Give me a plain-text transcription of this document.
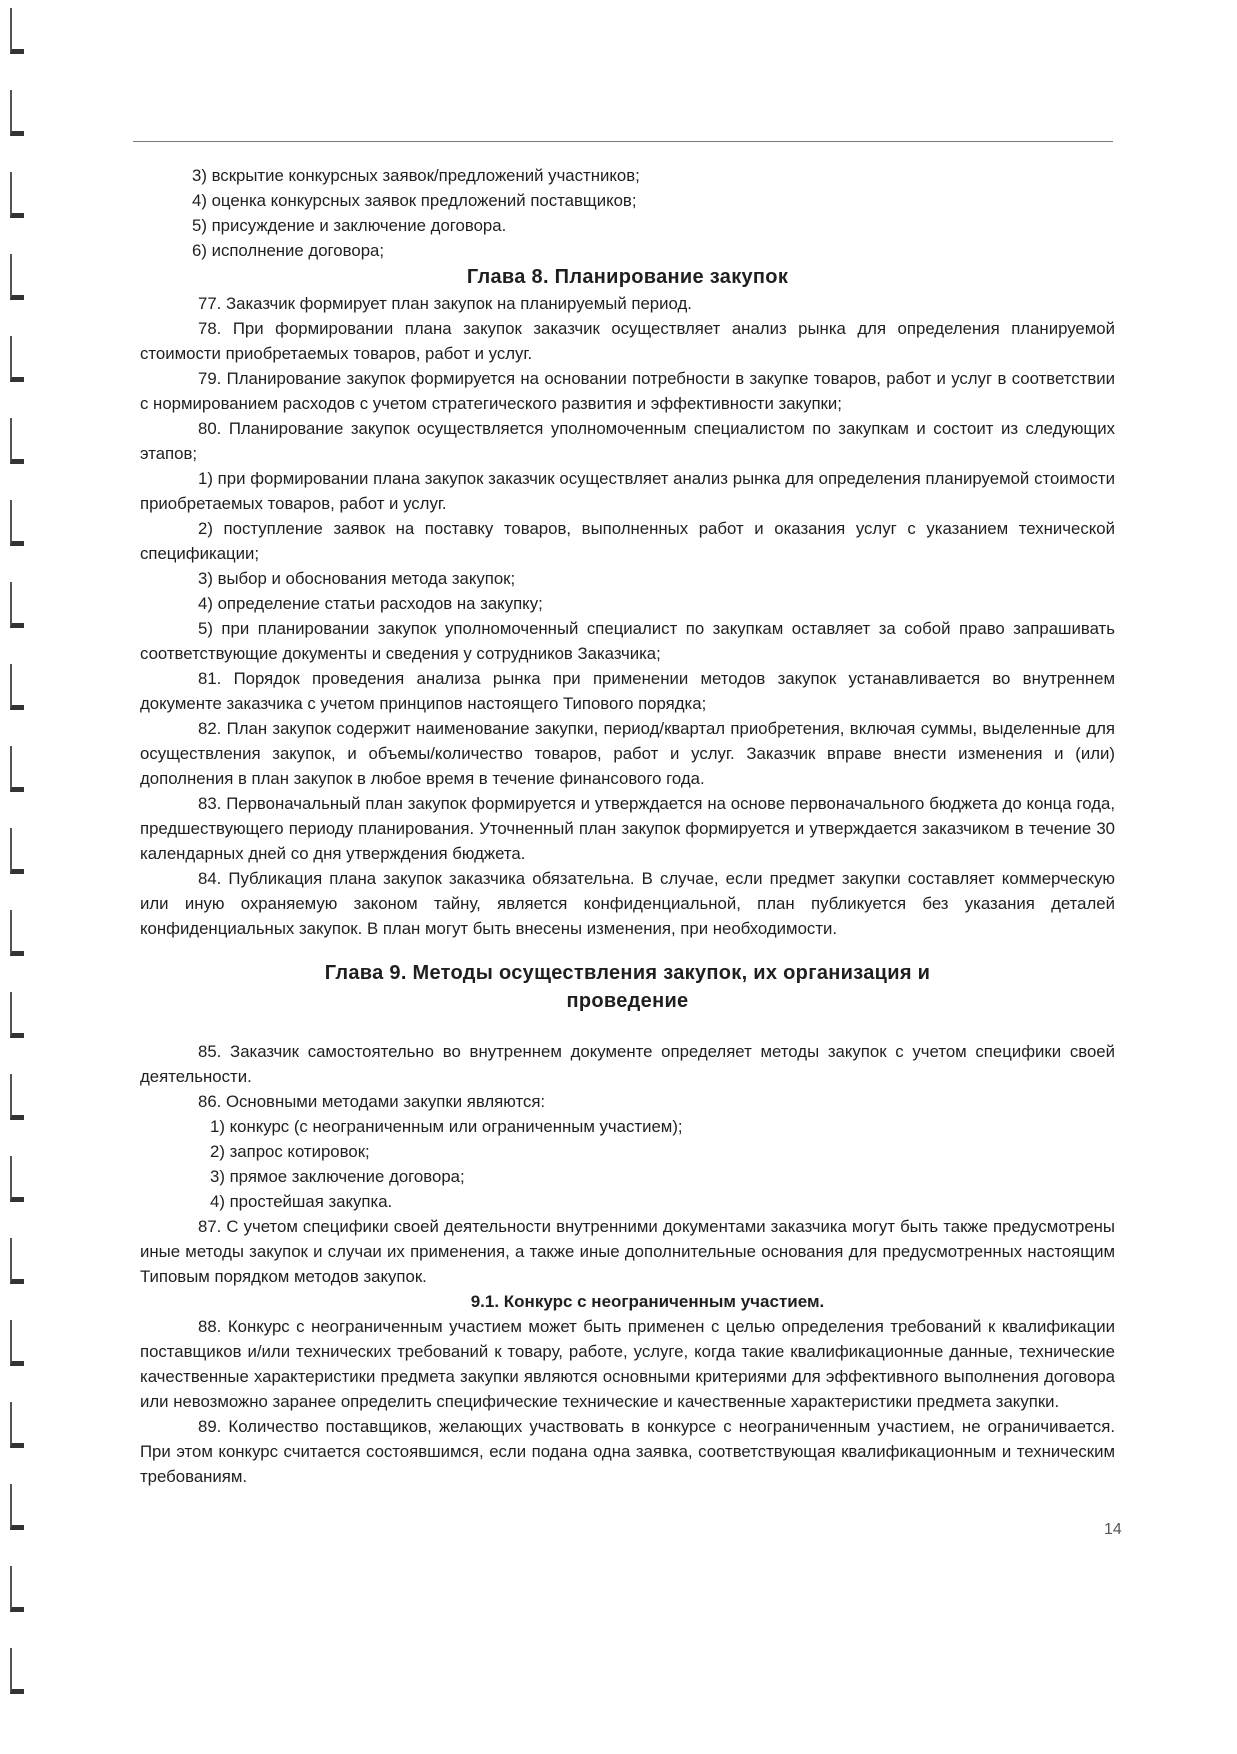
3) вскрытие конкурсных заявок/предложений участников;

4) оценка конкурсных заявок предложений поставщиков;

5) присуждение и заключение договора.

6) исполнение договора;

Глава 8. Планирование закупок

77. Заказчик формирует план закупок на планируемый период.

78. При формировании плана закупок заказчик осуществляет анализ рынка для определения планируемой стоимости приобретаемых товаров, работ и услуг.

79. Планирование закупок формируется на основании потребности в закупке товаров, работ и услуг в соответствии с нормированием расходов с учетом стратегического развития и эффективности закупки;

80. Планирование закупок осуществляется уполномоченным специалистом по закупкам и состоит из следующих этапов;

1) при формировании плана закупок заказчик осуществляет анализ рынка для определения планируемой стоимости приобретаемых товаров, работ и услуг.

2) поступление заявок на поставку товаров, выполненных работ и оказания услуг с указанием технической спецификации;

3) выбор и обоснования метода закупок;

4) определение статьи расходов на закупку;

5) при планировании закупок уполномоченный специалист по закупкам оставляет за собой право запрашивать соответствующие документы и сведения у сотрудников Заказчика;

81. Порядок проведения анализа рынка при применении методов закупок устанавливается во внутреннем документе заказчика с учетом принципов настоящего Типового порядка;

82. План закупок содержит наименование закупки, период/квартал приобретения, включая суммы, выделенные для осуществления закупок, и объемы/количество товаров, работ и услуг. Заказчик вправе внести изменения и (или) дополнения в план закупок в любое время в течение финансового года.

83. Первоначальный план закупок формируется и утверждается на основе первоначального бюджета до конца года, предшествующего периоду планирования. Уточненный план закупок формируется и утверждается заказчиком в течение 30 календарных дней со дня утверждения бюджета.

84. Публикация плана закупок заказчика обязательна. В случае, если предмет закупки составляет коммерческую или иную охраняемую законом тайну, является конфиденциальной, план публикуется без указания деталей конфиденциальных закупок. В план могут быть внесены изменения, при необходимости.

Глава 9. Методы осуществления закупок, их организация и
проведение

85. Заказчик самостоятельно во внутреннем документе определяет методы закупок с учетом специфики своей деятельности.

86. Основными методами закупки являются:

1) конкурс (с неограниченным или ограниченным участием);

2) запрос котировок;

3) прямое заключение договора;

4) простейшая закупка.

87. С учетом специфики своей деятельности внутренними документами заказчика могут быть также предусмотрены иные методы закупок и случаи их применения, а также иные дополнительные основания для предусмотренных настоящим Типовым порядком методов закупок.

9.1. Конкурс с неограниченным участием.

88. Конкурс с неограниченным участием может быть применен с целью определения требований к квалификации поставщиков и/или технических требований к товару, работе, услуге, когда такие квалификационные данные, технические качественные характеристики предмета закупки являются основными критериями для эффективного выполнения договора или невозможно заранее определить специфические технические и качественные характеристики предмета закупки.

89. Количество поставщиков, желающих участвовать в конкурсе с неограниченным участием, не ограничивается. При этом конкурс считается состоявшимся, если подана одна заявка, соответствующая квалификационным и техническим требованиям.

14
